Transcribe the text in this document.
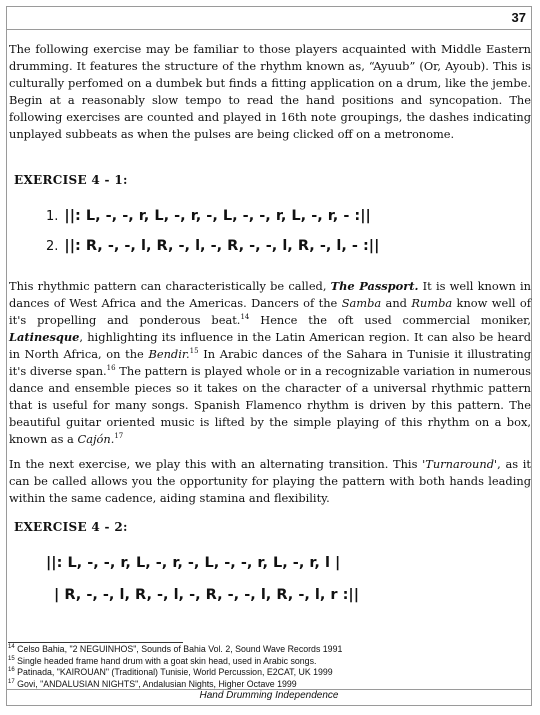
37

The following exercise may be familiar to those players acquainted with Middle Eastern drumming. It features the structure of the rhythm known as, “Ayuub” (Or, Ayoub). This is culturally perfomed on a dumbek but finds a fitting application on a drum, like the jembe. Begin at a reasonably slow tempo to read the hand positions and syncopation. The following exercises are counted and played in 16th note groupings, the dashes indicating unplayed subbeats as when the pulses are being clicked off on a metronome.

EXERCISE 4 - 1:

1. ||: L, -, -, r, L, -, r, -, L, -, -, r, L, -, r, - :||
2. ||: R, -, -, l, R, -, l, -, R, -, -, l, R, -, l, - :||

This rhythmic pattern can characteristically be called, The Passport. It is well known in dances of West Africa and the Americas. Dancers of the Samba and Rumba know well of it's propelling and ponderous beat.$^{14}$ Hence the oft used commercial moniker, Latinesque, highlighting its influence in the Latin American region. It can also be heard in North Africa, on the Bendir.$^{15}$ In Arabic dances of the Sahara in Tunisie it illustrating it's diverse span.$^{16}$ The pattern is played whole or in a recognizable variation in numerous dance and ensemble pieces so it takes on the character of a universal rhythmic pattern that is useful for many songs. Spanish Flamenco rhythm is driven by this pattern. The beautiful guitar oriented music is lifted by the simple playing of this rhythm on a box, known as a Cajón.$^{17}$

In the next exercise, we play this with an alternating transition. This 'Turnaround', as it can be called allows you the opportunity for playing the pattern with both hands leading within the same cadence, aiding stamina and flexibility.

EXERCISE 4 - 2:

||: L, -, -, r, L, -, r, -, L, -, -, r, L, -, r, l |
| R, -, -, l, R, -, l, -, R, -, -, l, R, -, l, r :||
$^{14}$ Celso Bahia, "2 NEGUINHOS", Sounds of Bahia Vol. 2, Sound Wave Records 1991
$^{15}$ Single headed frame hand drum with a goat skin head, used in Arabic songs.
$^{16}$ Patinada, "KAIROUAN" (Traditional) Tunisie, World Percussion, E2CAT, UK 1999
$^{17}$ Govi, "ANDALUSIAN NIGHTS", Andalusian Nights, Higher Octave 1999
Hand Drumming Independence
